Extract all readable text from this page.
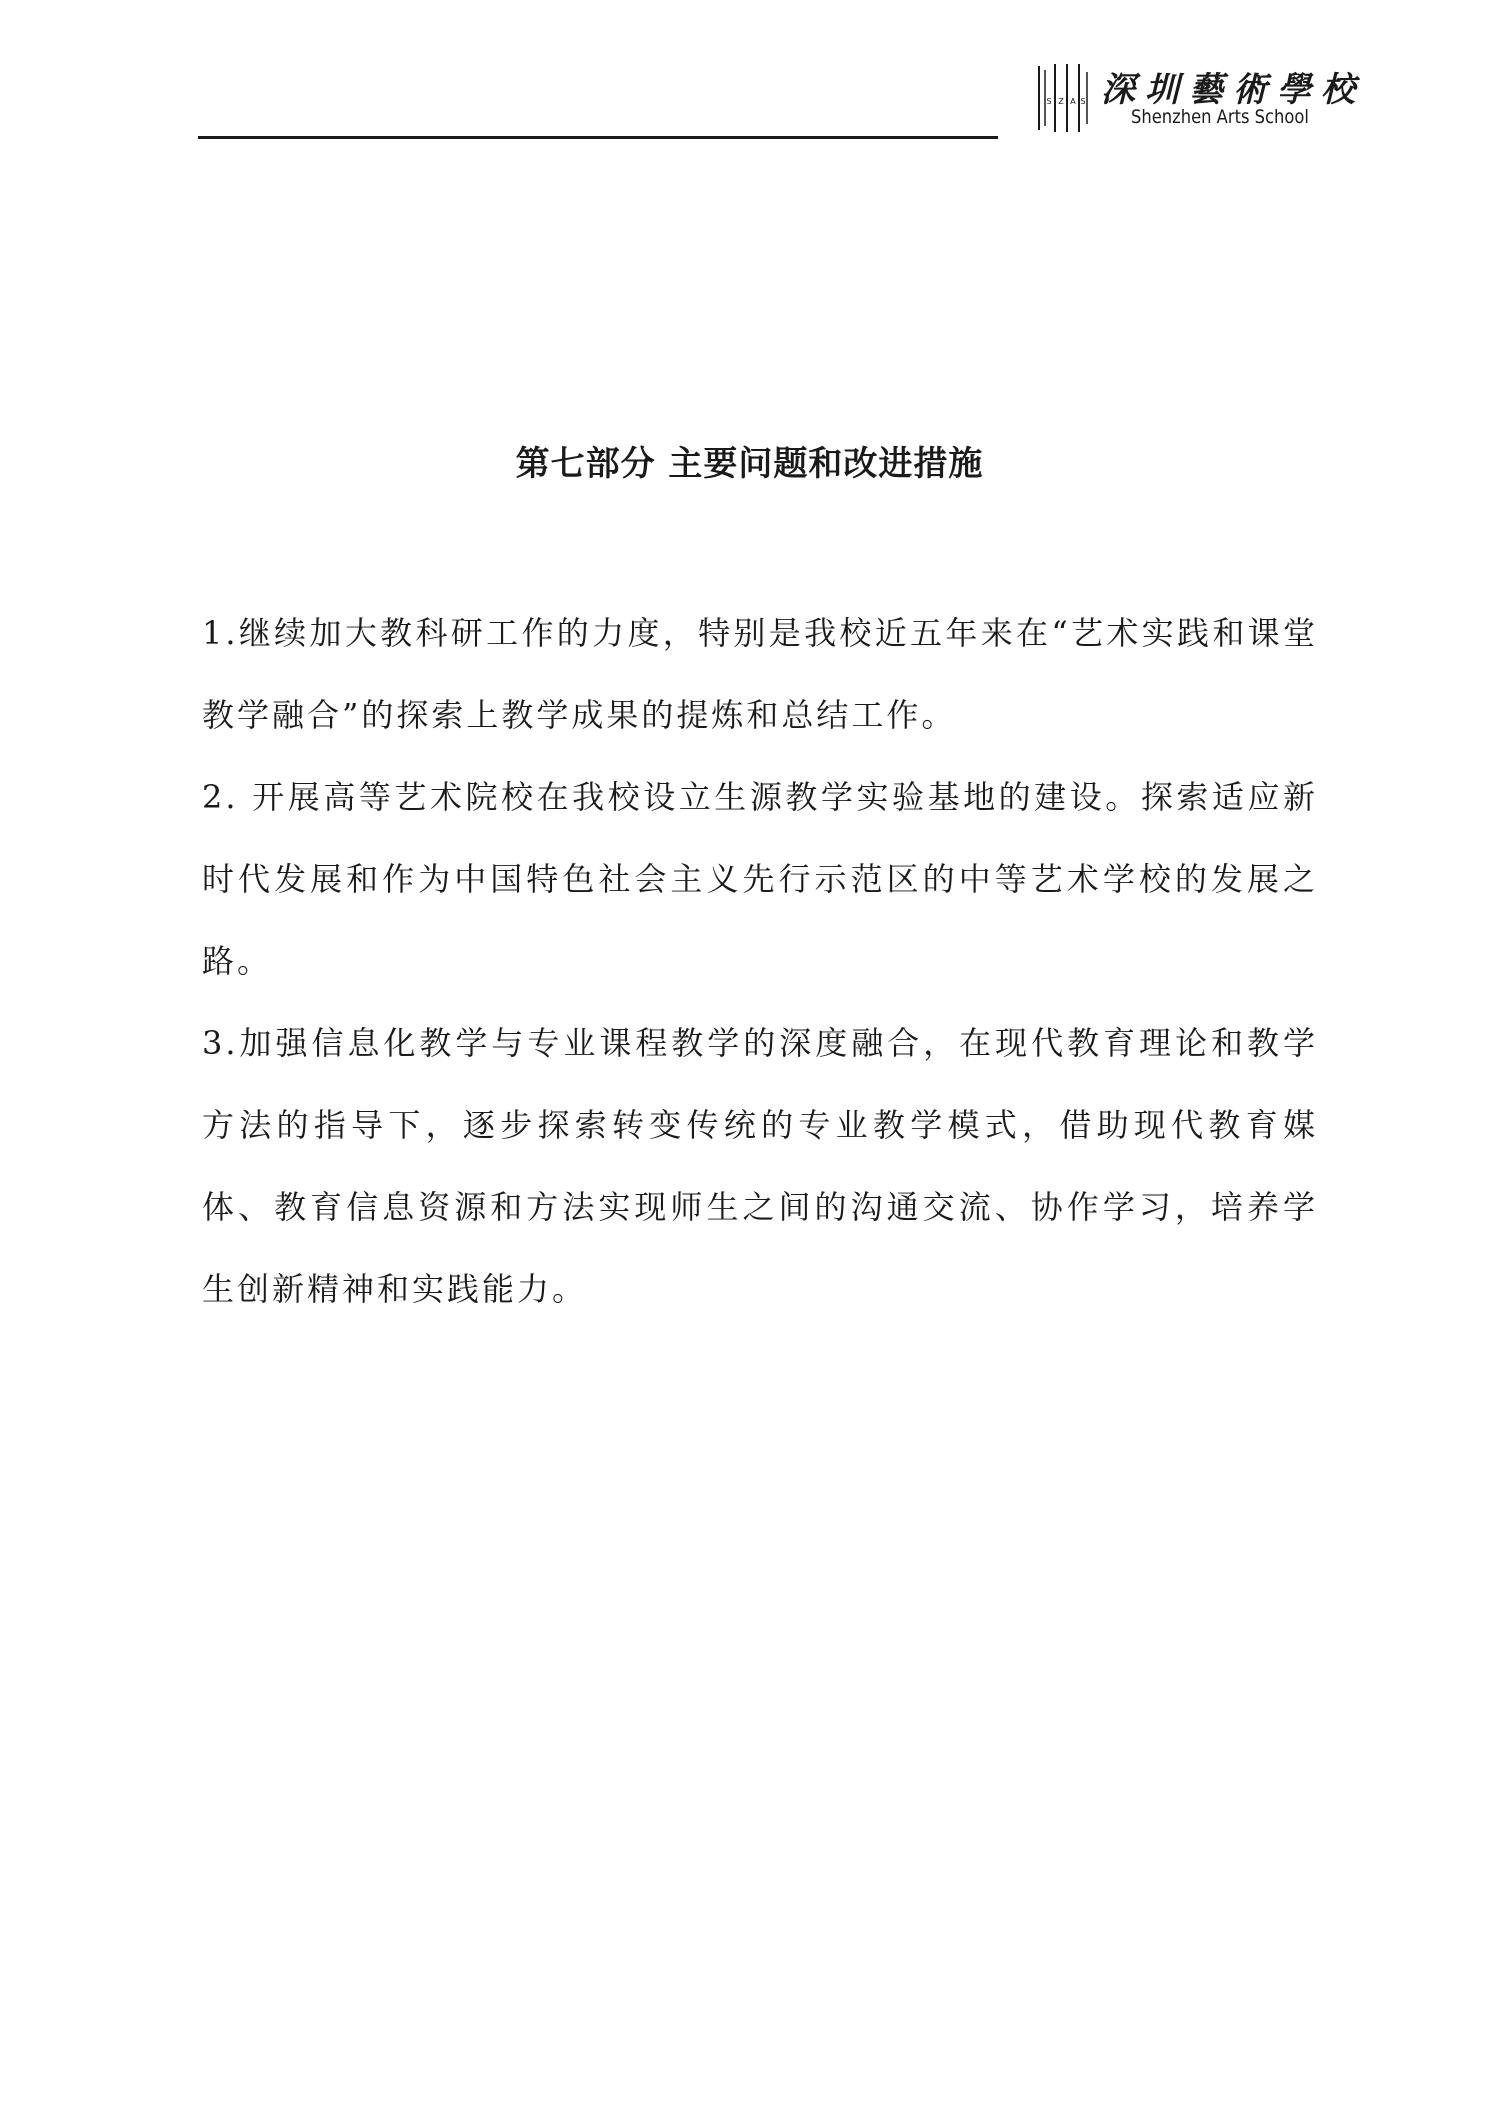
S Z A S 深圳藝術學校
Shenzhen Arts School
第七部分 主要问题和改进措施

1.继续加大教科研工作的力度，特别是我校近五年来在“艺术实践和课堂教学融合”的探索上教学成果的提炼和总结工作。

2. 开展高等艺术院校在我校设立生源教学实验基地的建设。探索适应新时代发展和作为中国特色社会主义先行示范区的中等艺术学校的发展之路。

3.加强信息化教学与专业课程教学的深度融合，在现代教育理论和教学方法的指导下，逐步探索转变传统的专业教学模式，借助现代教育媒体、教育信息资源和方法实现师生之间的沟通交流、协作学习，培养学生创新精神和实践能力。
